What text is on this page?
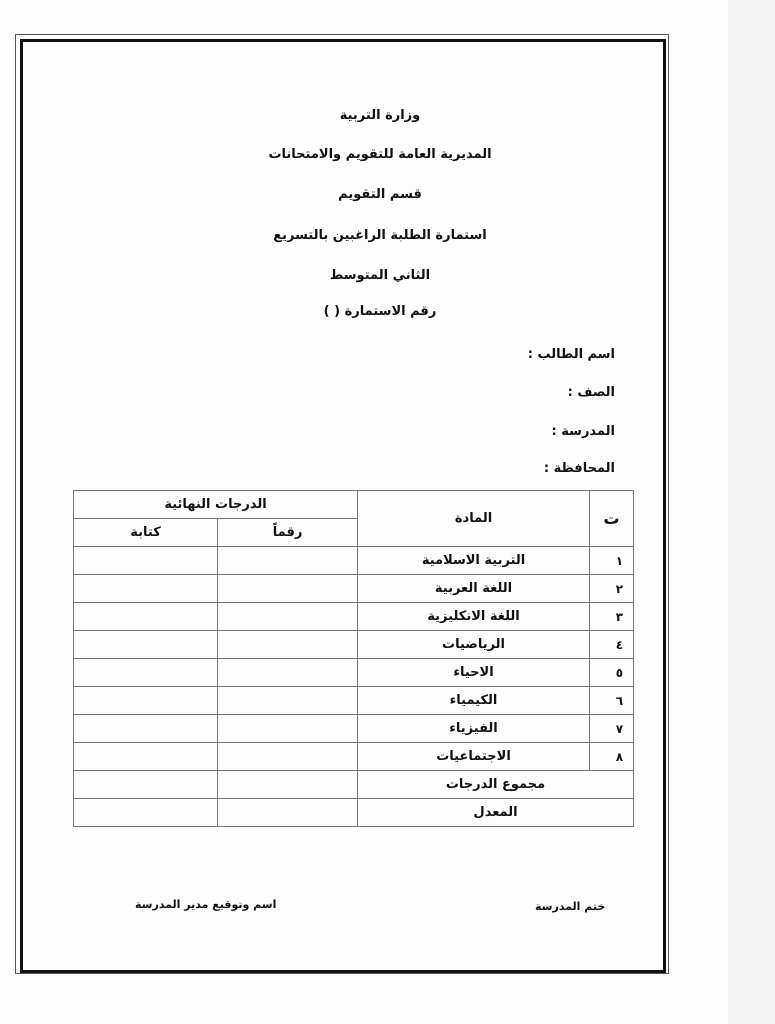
وزارة التربية
المديرية العامة للتقويم والامتحانات
قسم التقويم
استمارة الطلبة الراغبين بالتسريع
الثاني المتوسط
رقم الاستمارة ( )
اسم الطالب :
الصف :
المدرسة :
المحافظة :
ت	المادة	الدرجات النهائية	
		رقماً	كتابة
١	التربية الاسلامية		
٢	اللغة العربية		
٣	اللغة الانكليزية		
٤	الرياضيات		
٥	الاحياء		
٦	الكيمياء		
٧	الفيزياء		
٨	الاجتماعيات		
مجموع الدرجات			
المعدل			
اسم وتوقيع مدير المدرسة	ختم المدرسة
